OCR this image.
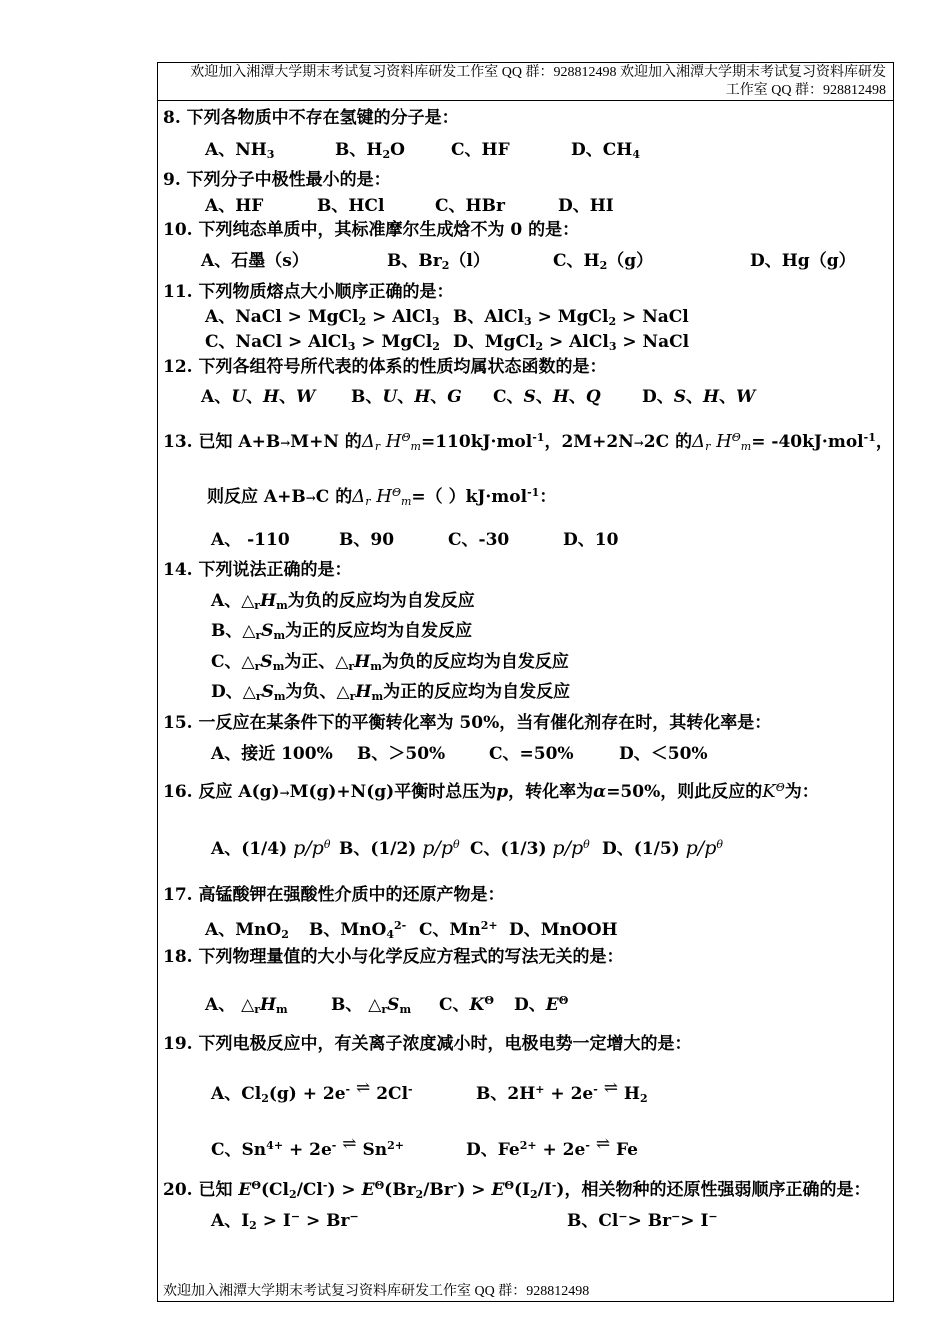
欢迎加入湘潭大学期末考试复习资料库研发工作室 QQ 群：928812498 欢迎加入湘潭大学期末考试复习资料库研发
工作室 QQ 群：928812498
8. 下列各物质中不存在氢键的分子是：
A、$NH_3$	B、$H_2O$	C、HF	D、$CH_4$
9. 下列分子中极性最小的是：
A、HF	B、HCl	C、HBr	D、HI
10. 下列纯态单质中，其标准摩尔生成焓不为 0 的是：
A、石墨（s）	B、$Br_2(l)$	C、$H_2(g)$	D、Hg（g）
11. 下列物质熔点大小顺序正确的是：
A、NaCl > MgCl$_2$ > AlCl$_3$ B、AlCl$_3$ > MgCl$_2$ > NaCl
C、NaCl > AlCl$_3$ > MgCl$_2$ D、MgCl$_2$ > AlCl$_3$ > NaCl
12. 下列各组符号所代表的体系的性质均属状态函数的是：
A、U、H、W B、U、H、G C、S、H、Q D、S、H、W
13. 已知 A+B→M+N 的$\Delta_r$ $H^\Theta_m=110kJ\cdot mol^{-1}$，2M+2N→2C 的$\Delta_r$ $H^\Theta_m= -40kJ\cdot mol^{-1}$，
则反应 A+B→C 的$\Delta_r$ $H^\Theta_m=$（ ）kJ·mol$^{-1}$：
A、 -110	B、90	C、-30	D、10
14. 下列说法正确的是：
A、$\triangle_rH_m$为负的反应均为自发反应
B、$\triangle_rS_m$为正的反应均为自发反应
C、$\triangle_rS_m$为正、$\triangle_rH_m$为负的反应均为自发反应
D、$\triangle_rS_m$为负、$\triangle_rH_m$为正的反应均为自发反应
15. 一反应在某条件下的平衡转化率为 50%，当有催化剂存在时，其转化率是：
A、接近 100% B、＞50%	C、=50%	D、＜50%
16. 反应 A(g)→M(g)+N(g)平衡时总压为p，转化率为α=50%，则此反应的$K^\Theta$为：
A、(1/4) $p/p^\theta$ B、(1/2) $p/p^\theta$ C、(1/3) $p/p^\theta$ D、(1/5) $p/p^\theta$
17. 高锰酸钾在强酸性介质中的还原产物是：
A、MnO$_2$ B、MnO$_4^{2-}$ C、$Mn^{2+}$ D、MnOOH
18. 下列物理量值的大小与化学反应方程式的写法无关的是：
A、 $\triangle_rH_m$	B、 $\triangle_rS_m$ C、$K^\Theta$ D、$E^\Theta$
19. 下列电极反应中，有关离子浓度减小时，电极电势一定增大的是：
A、$Cl_2(g) + 2e^-$ ⇌ 2Cl-	B、2H+ + 2e- ⇌ $H_2$
C、$Sn^{4+} + 2e^-$ ⇌ $Sn^{2+}$	D、$Fe^{2+} + 2e^-$ ⇌ Fe
20. 已知 $E^\Theta(Cl_2/Cl^-) > E^\Theta(Br_2/Br^-) > E^\Theta(I_2/I^-)$，相关物种的还原性强弱顺序正确的是：
A、$I_2 > I^- > Br^-$	B、Cl−> Br−> I−
欢迎加入湘潭大学期末考试复习资料库研发工作室 QQ 群：928812498
